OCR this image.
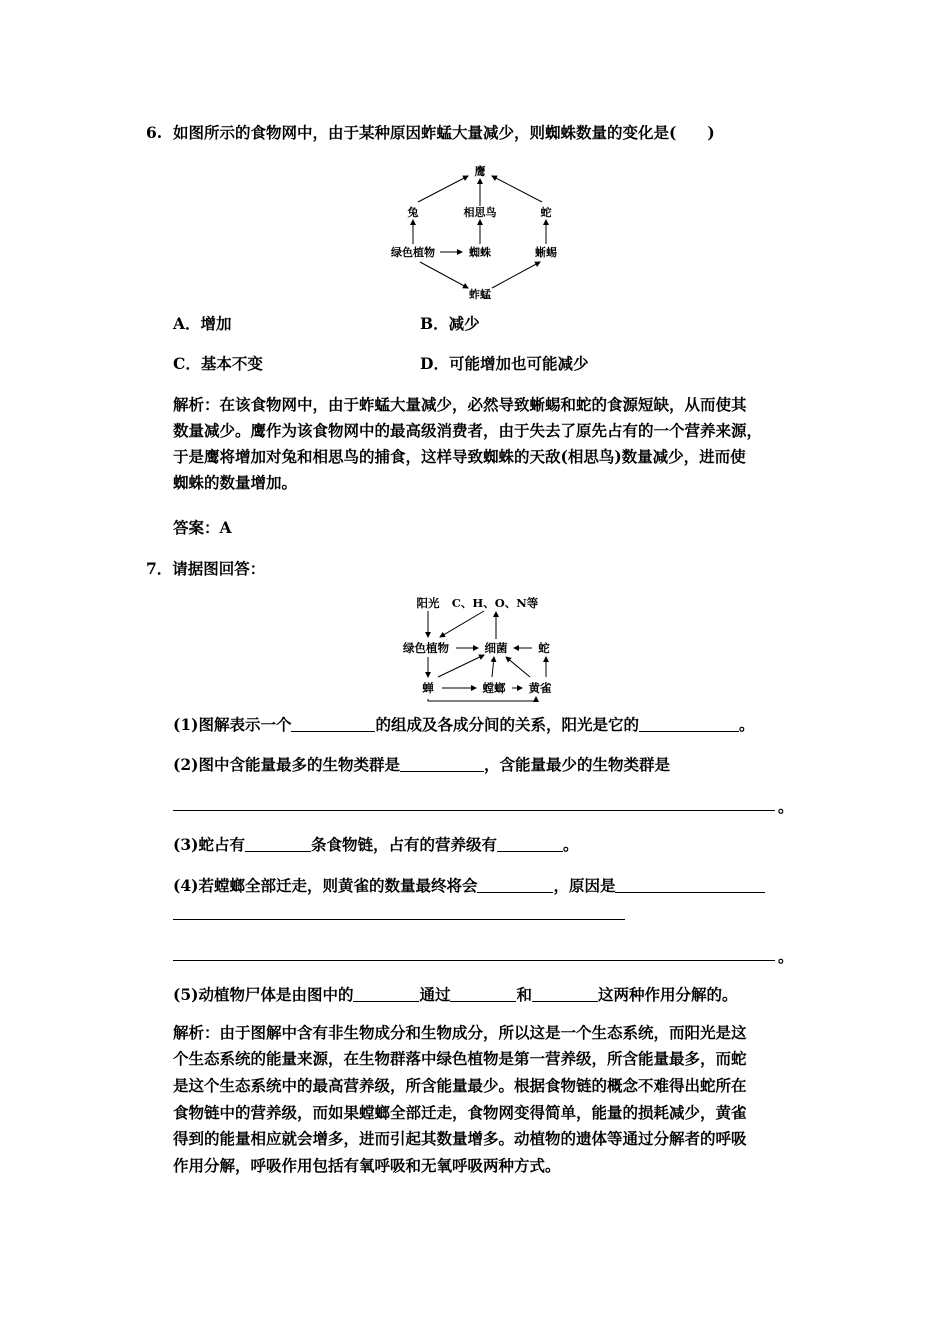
6. 如图所示的食物网中，由于某种原因蚱蜢大量减少，则蜘蛛数量的变化是(　　)
鹰
兔	相思鸟	蛇
绿色植物	蜘蛛	蜥蜴
蚱蜢
A．增加	B．减少
C．基本不变	D．可能增加也可能减少
解析：在该食物网中，由于蚱蜢大量减少，必然导致蜥蜴和蛇的食源短缺，从而使其
数量减少。鹰作为该食物网中的最高级消费者，由于失去了原先占有的一个营养来源，
于是鹰将增加对兔和相思鸟的捕食，这样导致蜘蛛的天敌(相思鸟)数量减少，进而使
蜘蛛的数量增加。
答案：A
7．请据图回答：
阳光 C、H、O、N等
绿色植物	细菌	蛇
蝉	螳螂 黄雀
(1)图解表示一个	的组成及各成分间的关系，阳光是它的	。
(2)图中含能量最多的生物类群是	，含能量最少的生物类群是
。
(3)蛇占有	条食物链，占有的营养级有	。
(4)若螳螂全部迁走，则黄雀的数量最终将会	，原因是
。
(5)动植物尸体是由图中的	通过	和	这两种作用分解的。
解析：由于图解中含有非生物成分和生物成分，所以这是一个生态系统，而阳光是这
个生态系统的能量来源，在生物群落中绿色植物是第一营养级，所含能量最多，而蛇
是这个生态系统中的最高营养级，所含能量最少。根据食物链的概念不难得出蛇所在
食物链中的营养级，而如果螳螂全部迁走，食物网变得简单，能量的损耗减少，黄雀
得到的能量相应就会增多，进而引起其数量增多。动植物的遗体等通过分解者的呼吸
作用分解，呼吸作用包括有氧呼吸和无氧呼吸两种方式。
